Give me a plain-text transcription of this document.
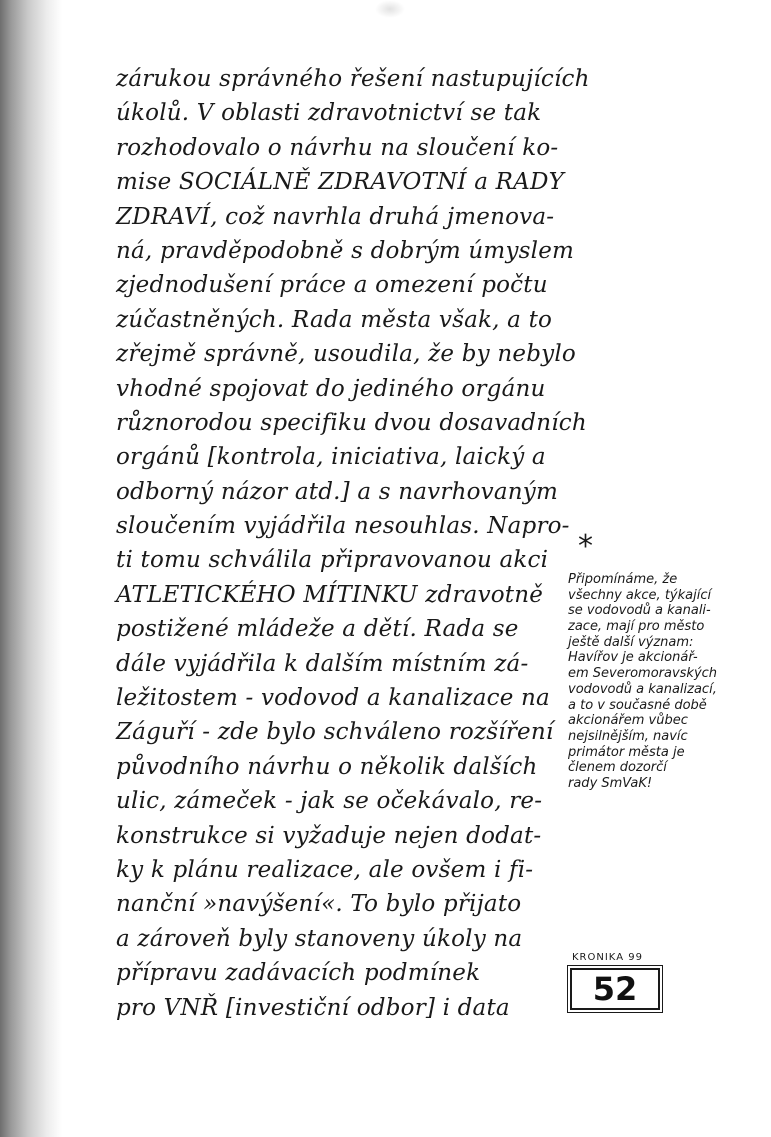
zárukou správného řešení nastupujících
úkolů. V oblasti zdravotnictví se tak
rozhodovalo o návrhu na sloučení ko-
mise SOCIÁLNĚ ZDRAVOTNÍ a RADY
ZDRAVÍ, což navrhla druhá jmenova-
ná, pravděpodobně s dobrým úmyslem
zjednodušení práce a omezení počtu
zúčastněných. Rada města však, a to
zřejmě správně, usoudila, že by nebylo
vhodné spojovat do jediného orgánu
různorodou specifiku dvou dosavadních
orgánů [kontrola, iniciativa, laický a
odborný názor atd.] a s navrhovaným
sloučením vyjádřila nesouhlas. Napro-
ti tomu schválila připravovanou akci
ATLETICKÉHO MÍTINKU zdravotně
postižené mládeže a dětí. Rada se
dále vyjádřila k dalším místním zá-
ležitostem - vodovod a kanalizace na
Záguří - zde bylo schváleno rozšíření
původního návrhu o několik dalších
ulic, zámeček - jak se očekávalo, re-
konstrukce si vyžaduje nejen dodat-
ky k plánu realizace, ale ovšem i fi-
nanční »navýšení«. To bylo přijato
a zároveň byly stanoveny úkoly na
přípravu zadávacích podmínek
pro VNŘ [investiční odbor] i data
*
Připomínáme, že
všechny akce, týkající
se vodovodů a kanali-
zace, mají pro město
ještě další význam:
Havířov je akcionář-
em Severomoravských
vodovodů a kanalizací,
a to v současné době
akcionářem vůbec
nejsilnějším, navíc
primátor města je
členem dozorčí
rady SmVaK!
KRONIKA 99
52
